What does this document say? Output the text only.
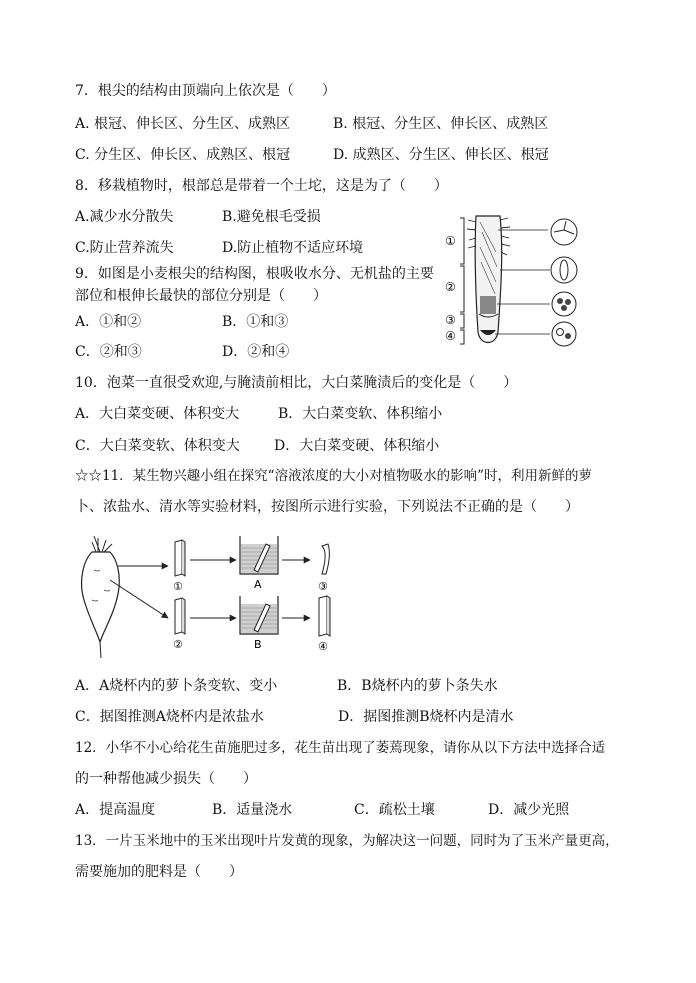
7．根尖的结构由顶端向上依次是（　　）
A. 根冠、伸长区、分生区、成熟区	B. 根冠、分生区、伸长区、成熟区
C. 分生区、伸长区、成熟区、根冠	D. 成熟区、分生区、伸长区、根冠
8．移栽植物时，根部总是带着一个土坨，这是为了（　　）
A.减少水分散失	B.避免根毛受损
C.防止营养流失	D.防止植物不适应环境
9．如图是小麦根尖的结构图，根吸收水分、无机盐的主要
部位和根伸长最快的部位分别是（　　）
A．①和②	B．①和③
C．②和③	D．②和④
①
②
③
④
10．泡菜一直很受欢迎,与腌渍前相比，大白菜腌渍后的变化是（　　）
A．大白菜变硬、体积变大	B．大白菜变软、体积缩小
C．大白菜变软、体积变大 D．大白菜变硬、体积缩小
☆☆11．某生物兴趣小组在探究“溶液浓度的大小对植物吸水的影响”时，利用新鲜的萝
卜、浓盐水、清水等实验材料，按图所示进行实验，下列说法不正确的是（　　）
①
②
A
B
③
④
A．A烧杯内的萝卜条变软、变小	B．B烧杯内的萝卜条失水
C．据图推测A烧杯内是浓盐水	D．据图推测B烧杯内是清水
12．小华不小心给花生苗施肥过多，花生苗出现了萎蔫现象，请你从以下方法中选择合适
的一种帮他减少损失（　　）
A．提高温度	B．适量浇水	C．疏松土壤	D．减少光照
13．一片玉米地中的玉米出现叶片发黄的现象，为解决这一问题，同时为了玉米产量更高，
需要施加的肥料是（　　）
